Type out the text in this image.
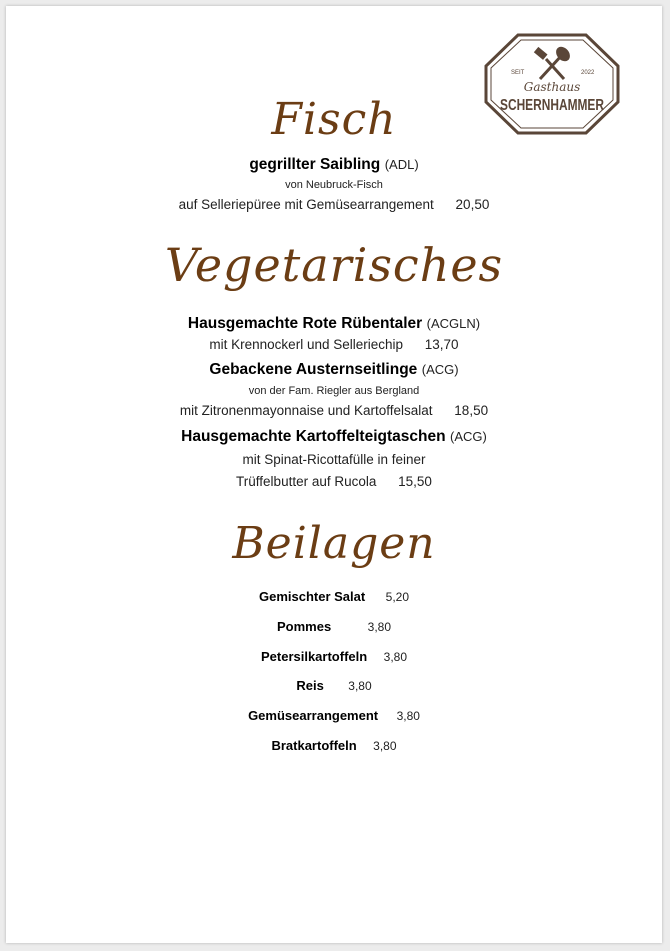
SEIT	2022
Gasthaus
SCHERNHAMMER
Fisch
gegrillter Saibling (ADL)
von Neubruck-Fisch
auf Selleriepüree mit Gemüsearrangement 20,50
Vegetarisches
Hausgemachte Rote Rübentaler (ACGLN)
mit Krennockerl und Selleriechip 13,70
Gebackene Austernseitlinge (ACG)
von der Fam. Riegler aus Bergland
mit Zitronenmayonnaise und Kartoffelsalat 18,50
Hausgemachte Kartoffelteigtaschen (ACG)
mit Spinat-Ricottafülle in feiner
Trüffelbutter auf Rucola 15,50
Beilagen
Gemischter Salat 5,20
Pommes	3,80
Petersilkartoffeln 3,80
Reis 3,80
Gemüsearrangement 3,80
Bratkartoffeln 3,80
